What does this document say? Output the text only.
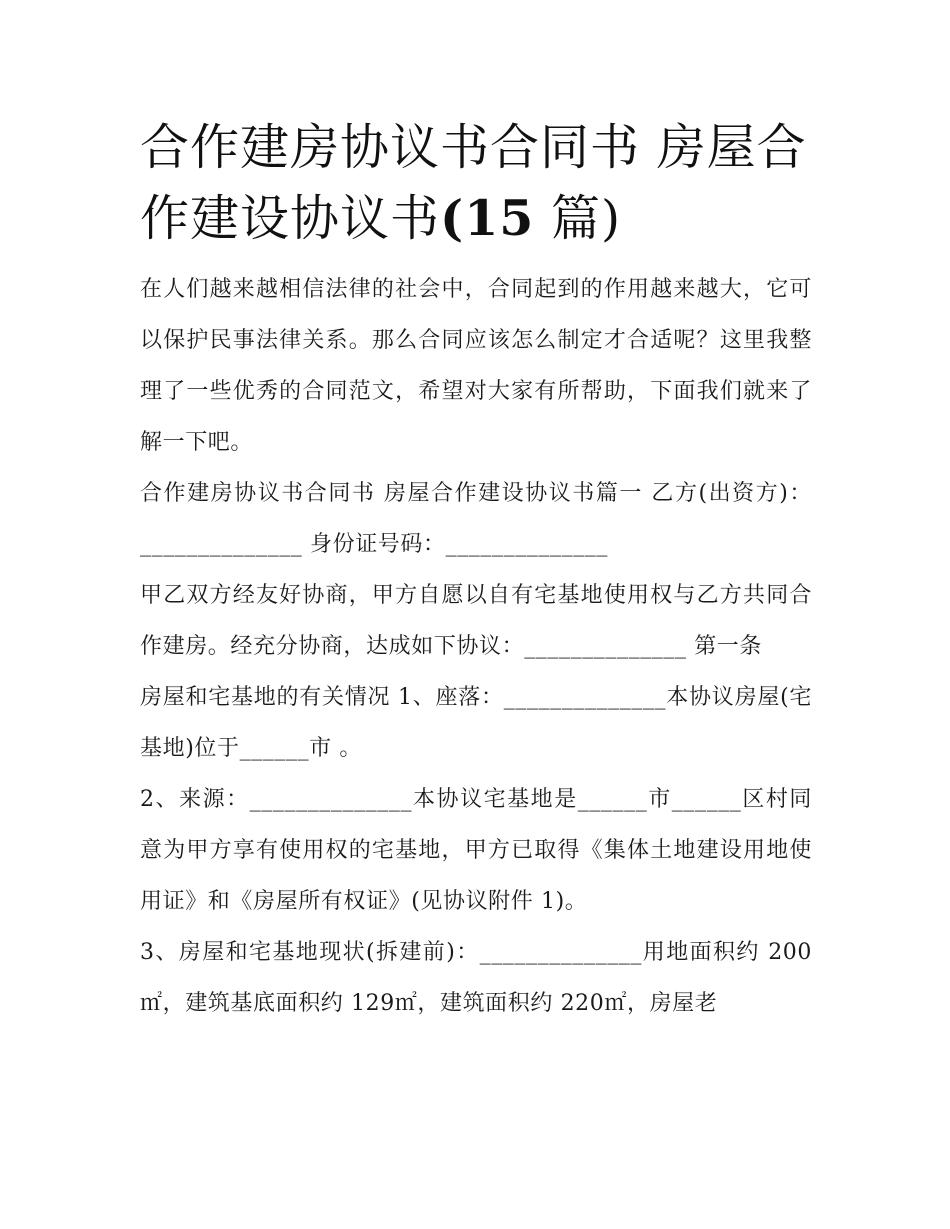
合作建房协议书合同书 房屋合作建设协议书(15 篇)

在人们越来越相信法律的社会中，合同起到的作用越来越大，它可以保护民事法律关系。那么合同应该怎么制定才合适呢？这里我整理了一些优秀的合同范文，希望对大家有所帮助，下面我们就来了解一下吧。

合作建房协议书合同书 房屋合作建设协议书篇一 乙方(出资方)：______________ 身份证号码：______________

甲乙双方经友好协商，甲方自愿以自有宅基地使用权与乙方共同合作建房。经充分协商，达成如下协议：______________ 第一条

房屋和宅基地的有关情况 1、座落：______________本协议房屋(宅基地)位于______市 。

2、来源：______________本协议宅基地是______市______区村同意为甲方享有使用权的宅基地，甲方已取得《集体土地建设用地使用证》和《房屋所有权证》(见协议附件 1)。

3、房屋和宅基地现状(拆建前)：______________用地面积约 200㎡，建筑基底面积约 129㎡，建筑面积约 220㎡，房屋老
